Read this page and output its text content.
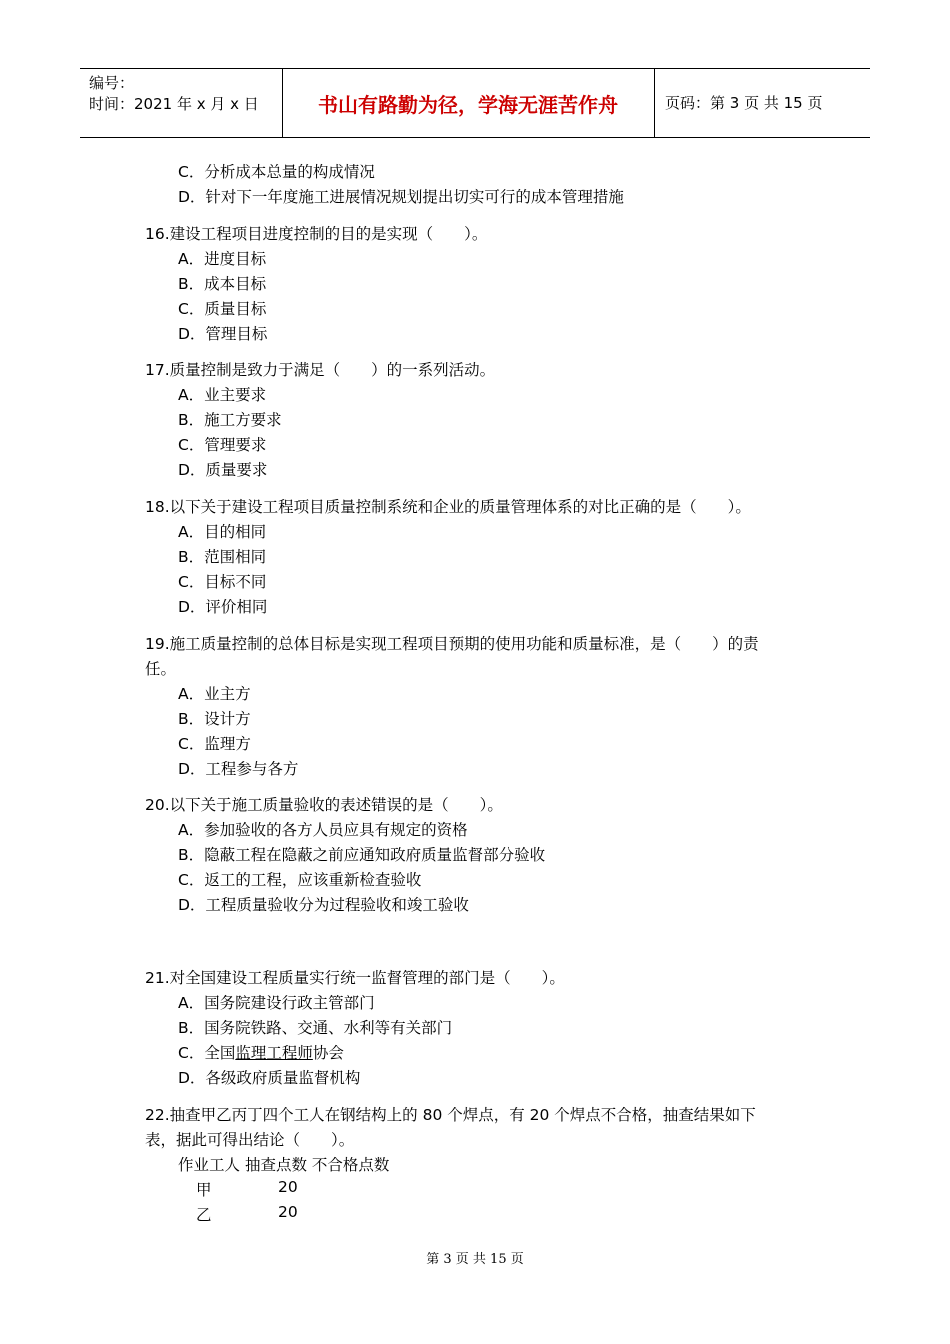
编号：
时间：2021 年 x 月 x 日	书山有路勤为径，学海无涯苦作舟	页码：第 3 页 共 15 页
C．分析成本总量的构成情况
D．针对下一年度施工进展情况规划提出切实可行的成本管理措施
16.建设工程项目进度控制的目的是实现（　　）。
A．进度目标
B．成本目标
C．质量目标
D．管理目标
17.质量控制是致力于满足（　　）的一系列活动。
A．业主要求
B．施工方要求
C．管理要求
D．质量要求
18.以下关于建设工程项目质量控制系统和企业的质量管理体系的对比正确的是（　　）。
A．目的相同
B．范围相同
C．目标不同
D．评价相同
19.施工质量控制的总体目标是实现工程项目预期的使用功能和质量标准，是（　　）的责
任。
A．业主方
B．设计方
C．监理方
D．工程参与各方
20.以下关于施工质量验收的表述错误的是（　　）。
A．参加验收的各方人员应具有规定的资格
B．隐蔽工程在隐蔽之前应通知政府质量监督部分验收
C．返工的工程，应该重新检查验收
D．工程质量验收分为过程验收和竣工验收
21.对全国建设工程质量实行统一监督管理的部门是（　　）。
A．国务院建设行政主管部门
B．国务院铁路、交通、水利等有关部门
C．全国监理工程师协会
D．各级政府质量监督机构
22.抽查甲乙丙丁四个工人在钢结构上的 80 个焊点，有 20 个焊点不合格，抽查结果如下
表，据此可得出结论（　　）。
作业工人 抽查点数 不合格点数
甲	20
乙	20
第 3 页 共 15 页
